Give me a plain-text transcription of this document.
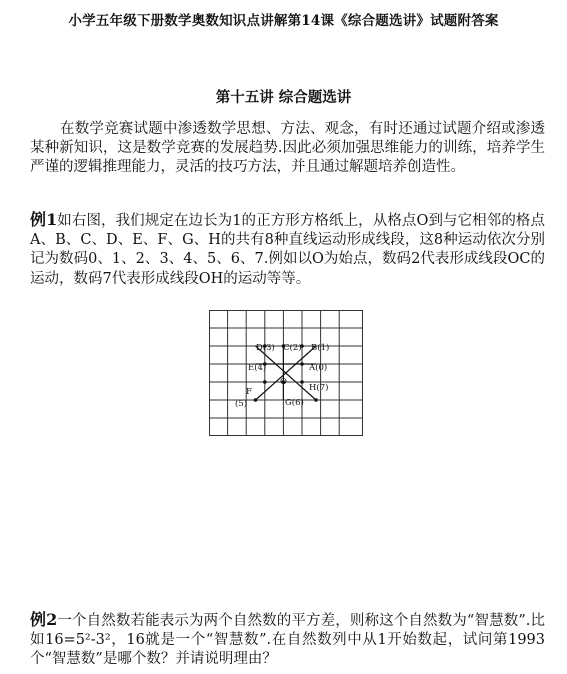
小学五年级下册数学奥数知识点讲解第14课《综合题选讲》试题附答案
第十五讲 综合题选讲
在数学竞赛试题中渗透数学思想、方法、观念，有时还通过试题介绍或渗透某种新知识，这是数学竞赛的发展趋势.因此必须加强思维能力的训练，培养学生严谨的逻辑推理能力，灵活的技巧方法，并且通过解题培养创造性。
例1如右图，我们规定在边长为1的正方形方格纸上，从格点O到与它相邻的格点A、B、C、D、E、F、G、H的共有8种直线运动形成线段，这8种运动依次分别记为数码0、1、2、3、4、5、6、7.例如以O为始点，数码2代表形成线段OC的运动，数码7代表形成线段OH的运动等等。
D(3) C(2) B(1)
E(4)	A(0)
O
H(7)
F
(5)	G(6)
例2一个自然数若能表示为两个自然数的平方差，则称这个自然数为“智慧数”.比如16=5²-3²，16就是一个“智慧数”.在自然数列中从1开始数起，试问第1993个“智慧数”是哪个数？并请说明理由？
